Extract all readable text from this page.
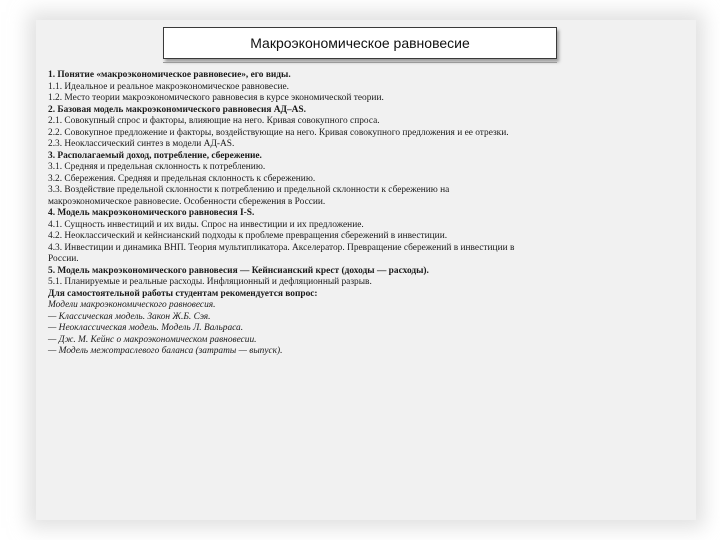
Макроэкономическое равновесие
1. Понятие «макроэкономическое равновесие», его виды.
1.1. Идеальное и реальное макроэкономическое равновесие.
1.2. Место теории макроэкономического равновесия в курсе экономической теории.
2. Базовая модель макроэкономического равновесия АД–AS.
2.1. Совокупный спрос и факторы, влияющие на него. Кривая совокупного спроса.
2.2. Совокупное предложение и факторы, воздействующие на него. Кривая совокупного предложения и ее отрезки.
2.3. Неоклассический синтез в модели АД-AS.
3. Располагаемый доход, потребление, сбережение.
3.1. Средняя и предельная склонность к потреблению.
3.2. Сбережения. Средняя и предельная склонность к сбережению.
3.3. Воздействие предельной склонности к потреблению и предельной склонности к сбережению на
макроэкономическое равновесие. Особенности сбережения в России.
4. Модель макроэкономического равновесия I-S.
4.1. Сущность инвестиций и их виды. Спрос на инвестиции и их предложение.
4.2. Неоклассический и кейнсианский подходы к проблеме превращения сбережений в инвестиции.
4.3. Инвестиции и динамика ВНП. Теория мультипликатора. Акселератор. Превращение сбережений в инвестиции в
России.
5. Модель макроэкономического равновесия — Кейнсианский крест (доходы — расходы).
5.1. Планируемые и реальные расходы. Инфляционный и дефляционный разрыв.
Для самостоятельной работы студентам рекомендуется вопрос:
Модели макроэкономического равновесия.
— Классическая модель. Закон Ж.Б. Сэя.
— Неоклассическая модель. Модель Л. Вальраса.
— Дж. М. Кейнс о макроэкономическом равновесии.
— Модель межотраслевого баланса (затраты — выпуск).
